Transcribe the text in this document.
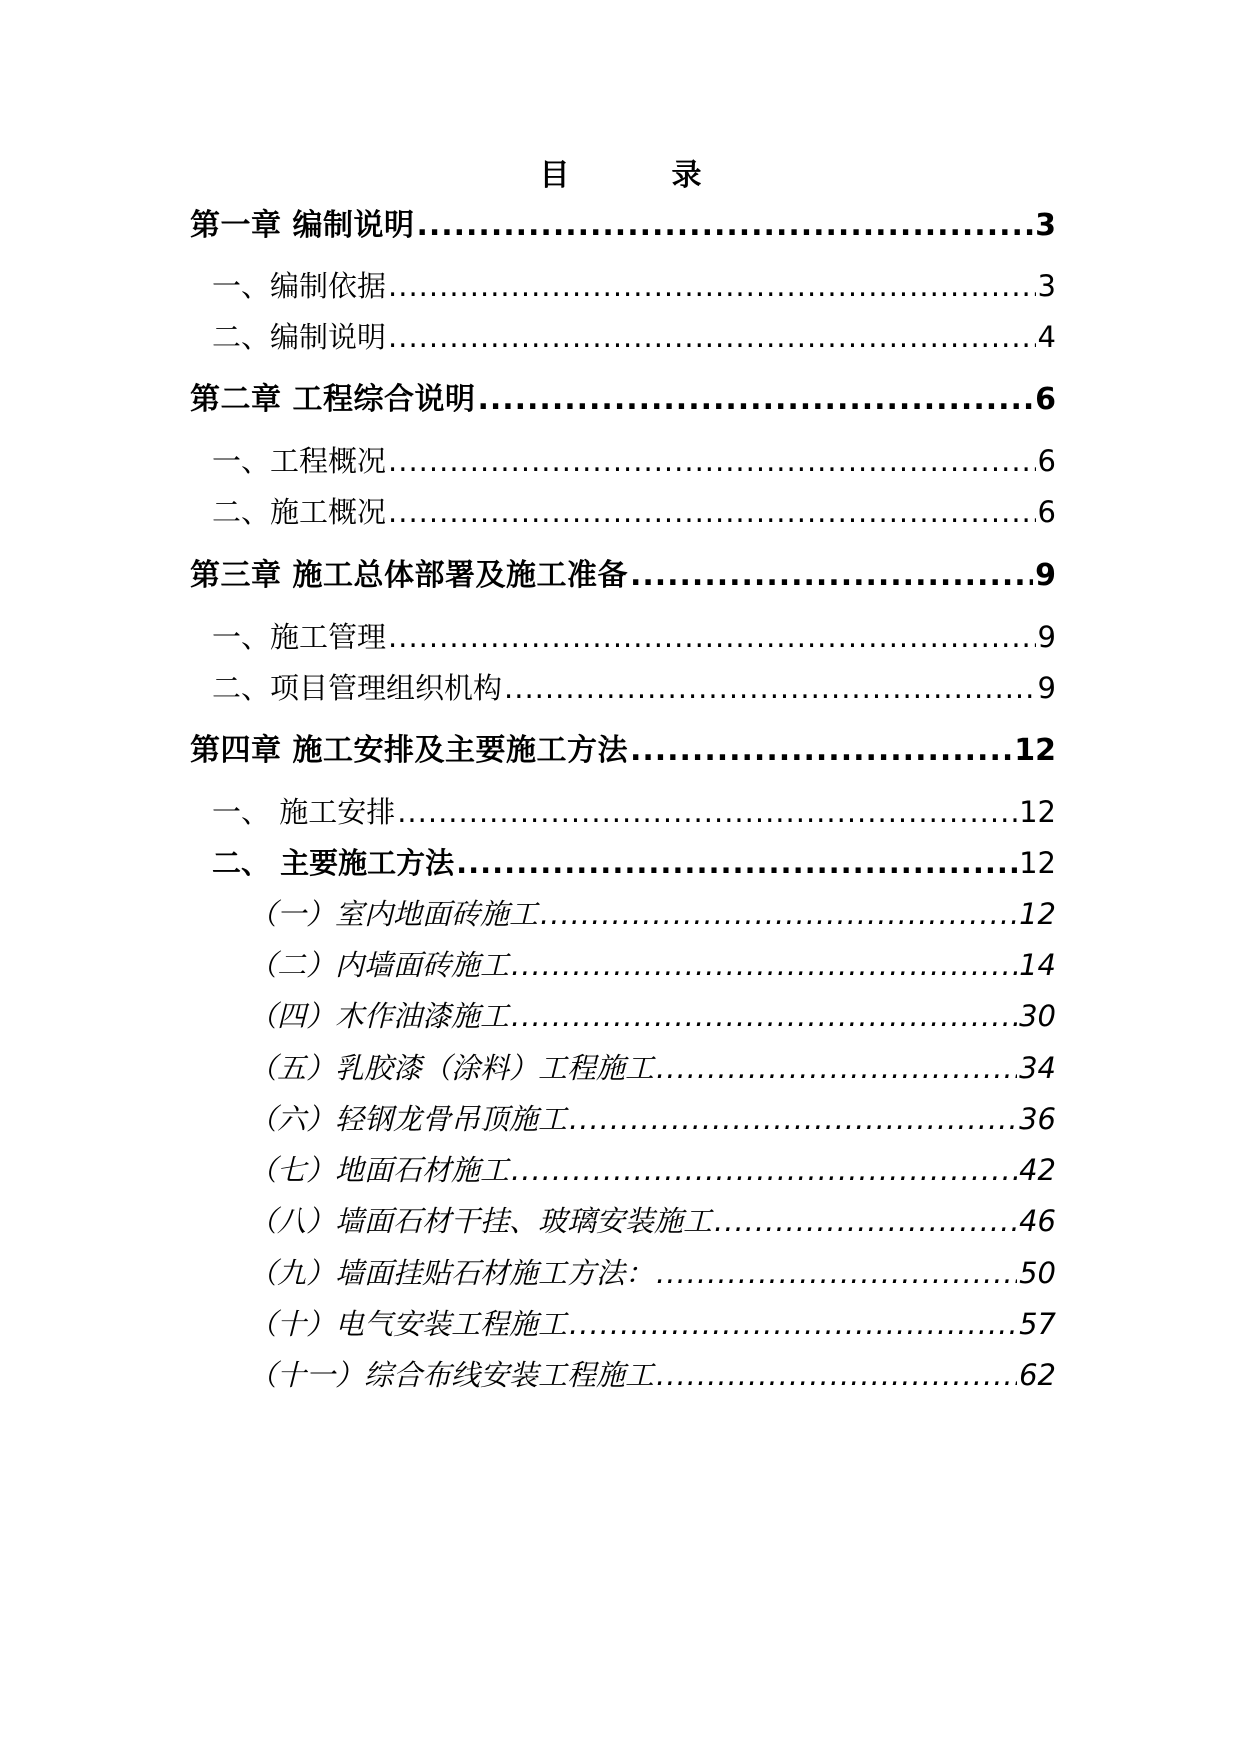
目　录
第一章 编制说明 .....	3
一、编制依据 .....	3
二、编制说明 .....	4
第二章 工程综合说明 .....	6
一、工程概况 .....	6
二、施工概况 .....	6
第三章 施工总体部署及施工准备 .....	9
一、施工管理 .....	9
二、项目管理组织机构 .....	9
第四章 施工安排及主要施工方法 .....	12
一、 施工安排 .....	12
二、 主要施工方法 .....	12
（一）室内地面砖施工 .....	12
（二）内墙面砖施工 .....	14
（四）木作油漆施工 .....	30
（五）乳胶漆（涂料）工程施工 .....	34
（六）轻钢龙骨吊顶施工 .....	36
（七）地面石材施工 .....	42
（八）墙面石材干挂、玻璃安装施工 .....	46
（九）墙面挂贴石材施工方法： .....	50
（十）电气安装工程施工 .....	57
（十一）综合布线安装工程施工 .....	62
